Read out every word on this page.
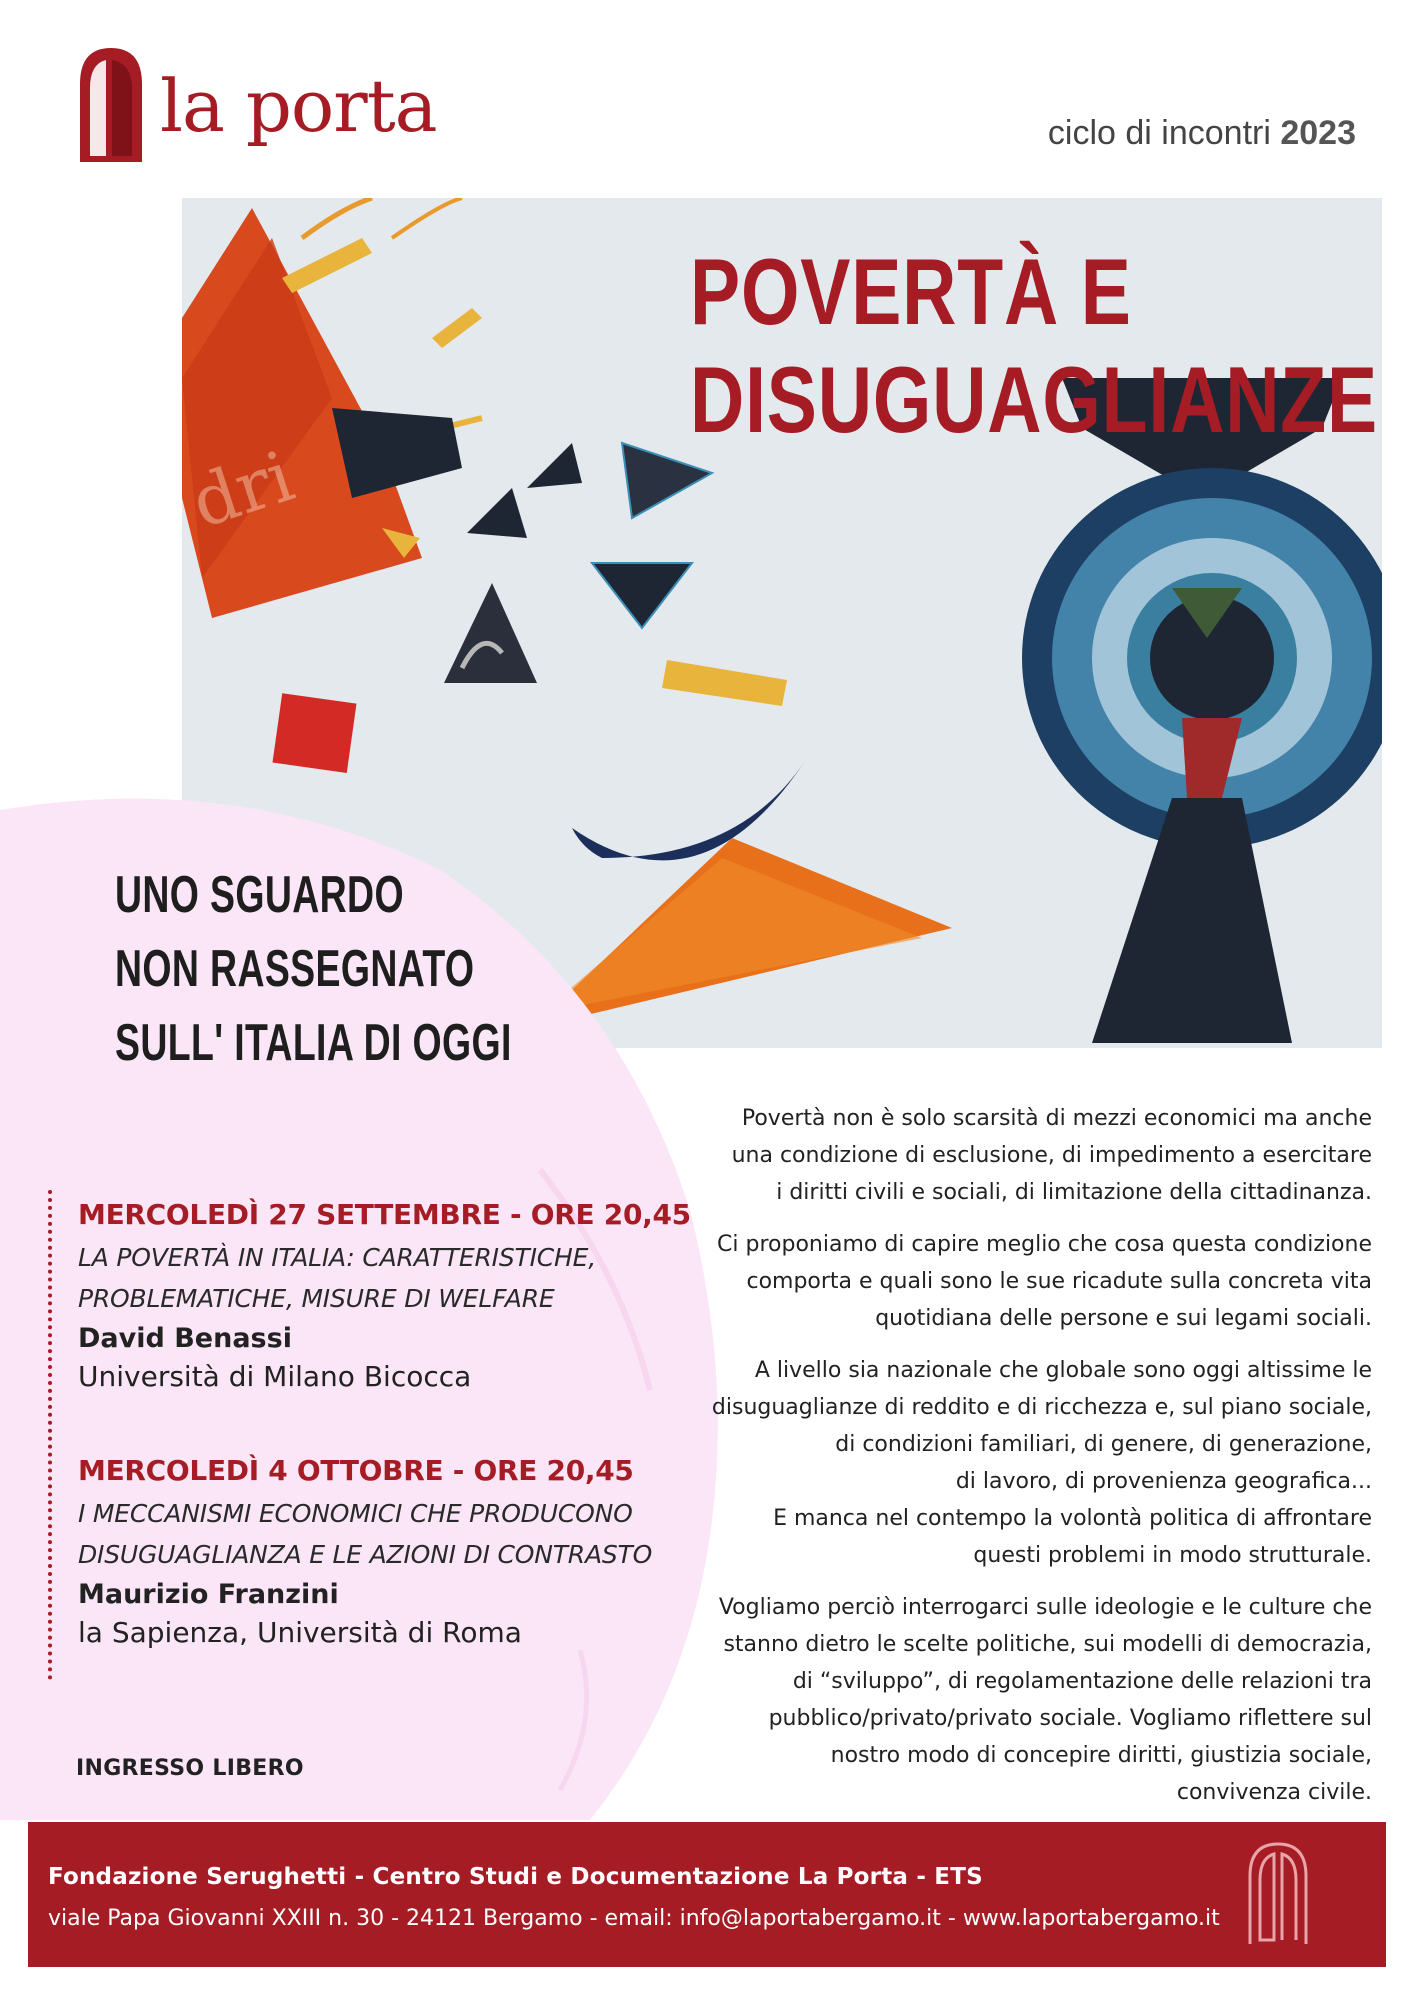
la porta	ciclo di incontri 2023
dri
POVERTÀ E
DISUGUAGLIANZE
UNO SGUARDO
NON RASSEGNATO
SULL' ITALIA DI OGGI
MERCOLEDÌ 27 SETTEMBRE - ORE 20,45
LA POVERTÀ IN ITALIA: CARATTERISTICHE,
PROBLEMATICHE, MISURE DI WELFARE
David Benassi
Università di Milano Bicocca
MERCOLEDÌ 4 OTTOBRE - ORE 20,45
I MECCANISMI ECONOMICI CHE PRODUCONO
DISUGUAGLIANZA E LE AZIONI DI CONTRASTO
Maurizio Franzini
la Sapienza, Università di Roma
INGRESSO LIBERO

Povertà non è solo scarsità di mezzi economici ma anche
una condizione di esclusione, di impedimento a esercitare
i diritti civili e sociali, di limitazione della cittadinanza.

Ci proponiamo di capire meglio che cosa questa condizione
comporta e quali sono le sue ricadute sulla concreta vita
quotidiana delle persone e sui legami sociali.

A livello sia nazionale che globale sono oggi altissime le
disuguaglianze di reddito e di ricchezza e, sul piano sociale,
di condizioni familiari, di genere, di generazione,
di lavoro, di provenienza geografica...
E manca nel contempo la volontà politica di affrontare
questi problemi in modo strutturale.

Vogliamo perciò interrogarci sulle ideologie e le culture che
stanno dietro le scelte politiche, sui modelli di democrazia,
di “sviluppo”, di regolamentazione delle relazioni tra
pubblico/privato/privato sociale. Vogliamo riflettere sul
nostro modo di concepire diritti, giustizia sociale,
convivenza civile.

Fondazione Serughetti - Centro Studi e Documentazione La Porta - ETS
viale Papa Giovanni XXIII n. 30 - 24121 Bergamo - email: info@laportabergamo.it - www.laportabergamo.it
